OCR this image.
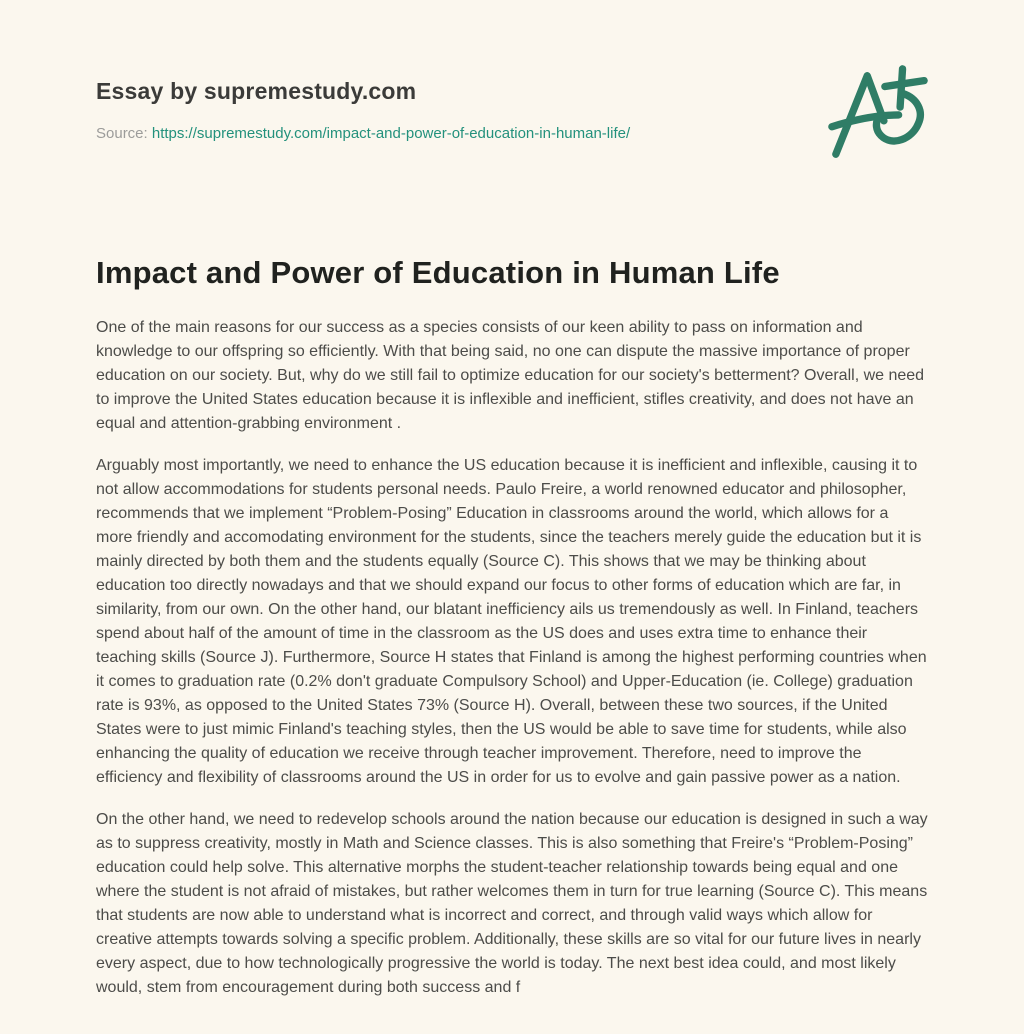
Essay by supremestudy.com
Source: https://supremestudy.com/impact-and-power-of-education-in-human-life/
Impact and Power of Education in Human Life

One of the main reasons for our success as a species consists of our keen ability to pass on information and knowledge to our offspring so efficiently. With that being said, no one can dispute the massive importance of proper education on our society. But, why do we still fail to optimize education for our society's betterment? Overall, we need to improve the United States education because it is inflexible and inefficient, stifles creativity, and does not have an equal and attention-grabbing environment .

Arguably most importantly, we need to enhance the US education because it is inefficient and inflexible, causing it to not allow accommodations for students personal needs. Paulo Freire, a world renowned educator and philosopher, recommends that we implement “Problem-Posing” Education in classrooms around the world, which allows for a more friendly and accomodating environment for the students, since the teachers merely guide the education but it is mainly directed by both them and the students equally (Source C). This shows that we may be thinking about education too directly nowadays and that we should expand our focus to other forms of education which are far, in similarity, from our own. On the other hand, our blatant inefficiency ails us tremendously as well. In Finland, teachers spend about half of the amount of time in the classroom as the US does and uses extra time to enhance their teaching skills (Source J). Furthermore, Source H states that Finland is among the highest performing countries when it comes to graduation rate (0.2% don't graduate Compulsory School) and Upper-Education (ie. College) graduation rate is 93%, as opposed to the United States 73% (Source H). Overall, between these two sources, if the United States were to just mimic Finland's teaching styles, then the US would be able to save time for students, while also enhancing the quality of education we receive through teacher improvement. Therefore, need to improve the efficiency and flexibility of classrooms around the US in order for us to evolve and gain passive power as a nation.

On the other hand, we need to redevelop schools around the nation because our education is designed in such a way as to suppress creativity, mostly in Math and Science classes. This is also something that Freire's “Problem-Posing” education could help solve. This alternative morphs the student-teacher relationship towards being equal and one where the student is not afraid of mistakes, but rather welcomes them in turn for true learning (Source C). This means that students are now able to understand what is incorrect and correct, and through valid ways which allow for creative attempts towards solving a specific problem. Additionally, these skills are so vital for our future lives in nearly every aspect, due to how technologically progressive the world is today. The next best idea could, and most likely would, stem from encouragement during both success and f
